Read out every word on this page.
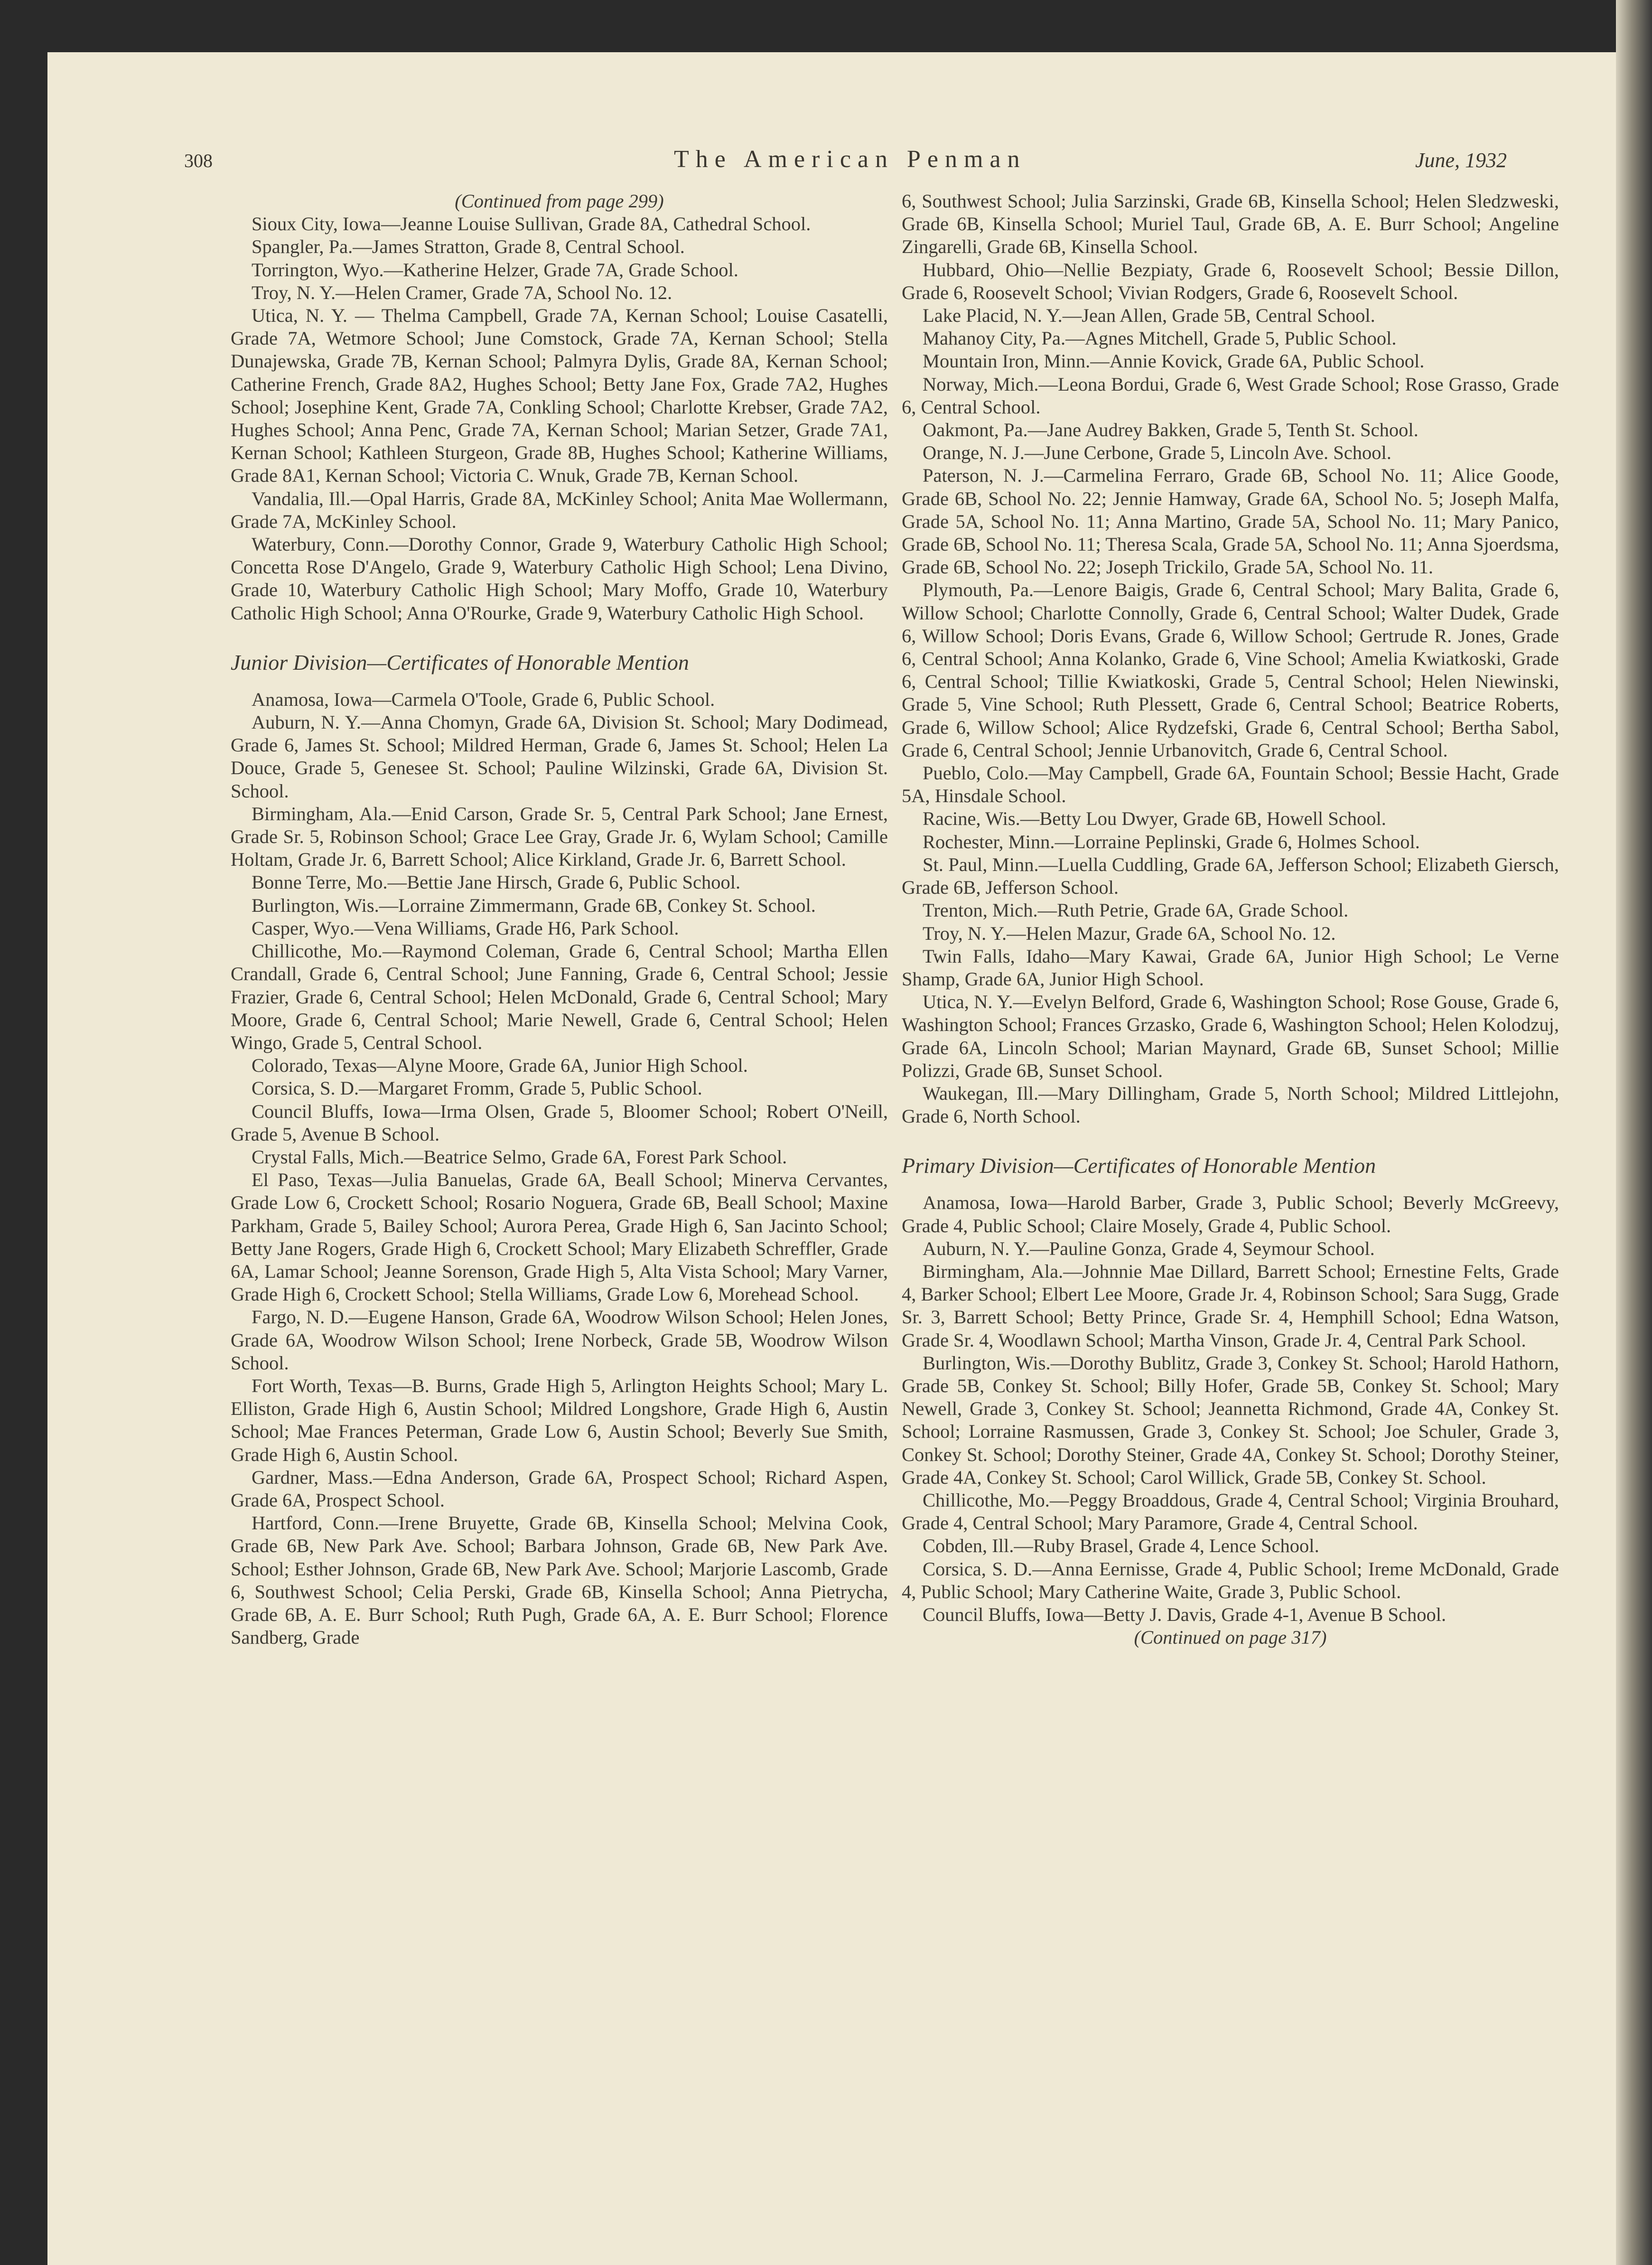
308	The American Penman	June, 1932

(Continued from page 299)

Sioux City, Iowa—Jeanne Louise Sullivan, Grade 8A, Cathedral School.

Spangler, Pa.—James Stratton, Grade 8, Central School.

Torrington, Wyo.—Katherine Helzer, Grade 7A, Grade School.

Troy, N. Y.—Helen Cramer, Grade 7A, School No. 12.

Utica, N. Y. — Thelma Campbell, Grade 7A, Kernan School; Louise Casatelli, Grade 7A, Wetmore School; June Comstock, Grade 7A, Kernan School; Stella Dunajewska, Grade 7B, Kernan School; Palmyra Dylis, Grade 8A, Kernan School; Catherine French, Grade 8A2, Hughes School; Betty Jane Fox, Grade 7A2, Hughes School; Josephine Kent, Grade 7A, Conkling School; Charlotte Krebser, Grade 7A2, Hughes School; Anna Penc, Grade 7A, Kernan School; Marian Setzer, Grade 7A1, Kernan School; Kathleen Sturgeon, Grade 8B, Hughes School; Katherine Williams, Grade 8A1, Kernan School; Victoria C. Wnuk, Grade 7B, Kernan School.

Vandalia, Ill.—Opal Harris, Grade 8A, McKinley School; Anita Mae Wollermann, Grade 7A, McKinley School.

Waterbury, Conn.—Dorothy Connor, Grade 9, Waterbury Catholic High School; Concetta Rose D'Angelo, Grade 9, Waterbury Catholic High School; Lena Divino, Grade 10, Waterbury Catholic High School; Mary Moffo, Grade 10, Waterbury Catholic High School; Anna O'Rourke, Grade 9, Waterbury Catholic High School.

Junior Division—Certificates of Honorable Mention

Anamosa, Iowa—Carmela O'Toole, Grade 6, Public School.

Auburn, N. Y.—Anna Chomyn, Grade 6A, Division St. School; Mary Dodimead, Grade 6, James St. School; Mildred Herman, Grade 6, James St. School; Helen La Douce, Grade 5, Genesee St. School; Pauline Wilzinski, Grade 6A, Division St. School.

Birmingham, Ala.—Enid Carson, Grade Sr. 5, Central Park School; Jane Ernest, Grade Sr. 5, Robinson School; Grace Lee Gray, Grade Jr. 6, Wylam School; Camille Holtam, Grade Jr. 6, Barrett School; Alice Kirkland, Grade Jr. 6, Barrett School.

Bonne Terre, Mo.—Bettie Jane Hirsch, Grade 6, Public School.

Burlington, Wis.—Lorraine Zimmermann, Grade 6B, Conkey St. School.

Casper, Wyo.—Vena Williams, Grade H6, Park School.

Chillicothe, Mo.—Raymond Coleman, Grade 6, Central School; Martha Ellen Crandall, Grade 6, Central School; June Fanning, Grade 6, Central School; Jessie Frazier, Grade 6, Central School; Helen McDonald, Grade 6, Central School; Mary Moore, Grade 6, Central School; Marie Newell, Grade 6, Central School; Helen Wingo, Grade 5, Central School.

Colorado, Texas—Alyne Moore, Grade 6A, Junior High School.

Corsica, S. D.—Margaret Fromm, Grade 5, Public School.

Council Bluffs, Iowa—Irma Olsen, Grade 5, Bloomer School; Robert O'Neill, Grade 5, Avenue B School.

Crystal Falls, Mich.—Beatrice Selmo, Grade 6A, Forest Park School.

El Paso, Texas—Julia Banuelas, Grade 6A, Beall School; Minerva Cervantes, Grade Low 6, Crockett School; Rosario Noguera, Grade 6B, Beall School; Maxine Parkham, Grade 5, Bailey School; Aurora Perea, Grade High 6, San Jacinto School; Betty Jane Rogers, Grade High 6, Crockett School; Mary Elizabeth Schreffler, Grade 6A, Lamar School; Jeanne Sorenson, Grade High 5, Alta Vista School; Mary Varner, Grade High 6, Crockett School; Stella Williams, Grade Low 6, Morehead School.

Fargo, N. D.—Eugene Hanson, Grade 6A, Woodrow Wilson School; Helen Jones, Grade 6A, Woodrow Wilson School; Irene Norbeck, Grade 5B, Woodrow Wilson School.

Fort Worth, Texas—B. Burns, Grade High 5, Arlington Heights School; Mary L. Elliston, Grade High 6, Austin School; Mildred Longshore, Grade High 6, Austin School; Mae Frances Peterman, Grade Low 6, Austin School; Beverly Sue Smith, Grade High 6, Austin School.

Gardner, Mass.—Edna Anderson, Grade 6A, Prospect School; Richard Aspen, Grade 6A, Prospect School.

Hartford, Conn.—Irene Bruyette, Grade 6B, Kinsella School; Melvina Cook, Grade 6B, New Park Ave. School; Barbara Johnson, Grade 6B, New Park Ave. School; Esther Johnson, Grade 6B, New Park Ave. School; Marjorie Lascomb, Grade 6, Southwest School; Celia Perski, Grade 6B, Kinsella School; Anna Pietrycha, Grade 6B, A. E. Burr School; Ruth Pugh, Grade 6A, A. E. Burr School; Florence Sandberg, Grade

6, Southwest School; Julia Sarzinski, Grade 6B, Kinsella School; Helen Sledzweski, Grade 6B, Kinsella School; Muriel Taul, Grade 6B, A. E. Burr School; Angeline Zingarelli, Grade 6B, Kinsella School.

Hubbard, Ohio—Nellie Bezpiaty, Grade 6, Roosevelt School; Bessie Dillon, Grade 6, Roosevelt School; Vivian Rodgers, Grade 6, Roosevelt School.

Lake Placid, N. Y.—Jean Allen, Grade 5B, Central School.

Mahanoy City, Pa.—Agnes Mitchell, Grade 5, Public School.

Mountain Iron, Minn.—Annie Kovick, Grade 6A, Public School.

Norway, Mich.—Leona Bordui, Grade 6, West Grade School; Rose Grasso, Grade 6, Central School.

Oakmont, Pa.—Jane Audrey Bakken, Grade 5, Tenth St. School.

Orange, N. J.—June Cerbone, Grade 5, Lincoln Ave. School.

Paterson, N. J.—Carmelina Ferraro, Grade 6B, School No. 11; Alice Goode, Grade 6B, School No. 22; Jennie Hamway, Grade 6A, School No. 5; Joseph Malfa, Grade 5A, School No. 11; Anna Martino, Grade 5A, School No. 11; Mary Panico, Grade 6B, School No. 11; Theresa Scala, Grade 5A, School No. 11; Anna Sjoerdsma, Grade 6B, School No. 22; Joseph Trickilo, Grade 5A, School No. 11.

Plymouth, Pa.—Lenore Baigis, Grade 6, Central School; Mary Balita, Grade 6, Willow School; Charlotte Connolly, Grade 6, Central School; Walter Dudek, Grade 6, Willow School; Doris Evans, Grade 6, Willow School; Gertrude R. Jones, Grade 6, Central School; Anna Kolanko, Grade 6, Vine School; Amelia Kwiatkoski, Grade 6, Central School; Tillie Kwiatkoski, Grade 5, Central School; Helen Niewinski, Grade 5, Vine School; Ruth Plessett, Grade 6, Central School; Beatrice Roberts, Grade 6, Willow School; Alice Rydzefski, Grade 6, Central School; Bertha Sabol, Grade 6, Central School; Jennie Urbanovitch, Grade 6, Central School.

Pueblo, Colo.—May Campbell, Grade 6A, Fountain School; Bessie Hacht, Grade 5A, Hinsdale School.

Racine, Wis.—Betty Lou Dwyer, Grade 6B, Howell School.

Rochester, Minn.—Lorraine Peplinski, Grade 6, Holmes School.

St. Paul, Minn.—Luella Cuddling, Grade 6A, Jefferson School; Elizabeth Giersch, Grade 6B, Jefferson School.

Trenton, Mich.—Ruth Petrie, Grade 6A, Grade School.

Troy, N. Y.—Helen Mazur, Grade 6A, School No. 12.

Twin Falls, Idaho—Mary Kawai, Grade 6A, Junior High School; Le Verne Shamp, Grade 6A, Junior High School.

Utica, N. Y.—Evelyn Belford, Grade 6, Washington School; Rose Gouse, Grade 6, Washington School; Frances Grzasko, Grade 6, Washington School; Helen Kolodzuj, Grade 6A, Lincoln School; Marian Maynard, Grade 6B, Sunset School; Millie Polizzi, Grade 6B, Sunset School.

Waukegan, Ill.—Mary Dillingham, Grade 5, North School; Mildred Littlejohn, Grade 6, North School.

Primary Division—Certificates of Honorable Mention

Anamosa, Iowa—Harold Barber, Grade 3, Public School; Beverly McGreevy, Grade 4, Public School; Claire Mosely, Grade 4, Public School.

Auburn, N. Y.—Pauline Gonza, Grade 4, Seymour School.

Birmingham, Ala.—Johnnie Mae Dillard, Barrett School; Ernestine Felts, Grade 4, Barker School; Elbert Lee Moore, Grade Jr. 4, Robinson School; Sara Sugg, Grade Sr. 3, Barrett School; Betty Prince, Grade Sr. 4, Hemphill School; Edna Watson, Grade Sr. 4, Woodlawn School; Martha Vinson, Grade Jr. 4, Central Park School.

Burlington, Wis.—Dorothy Bublitz, Grade 3, Conkey St. School; Harold Hathorn, Grade 5B, Conkey St. School; Billy Hofer, Grade 5B, Conkey St. School; Mary Newell, Grade 3, Conkey St. School; Jeannetta Richmond, Grade 4A, Conkey St. School; Lorraine Rasmussen, Grade 3, Conkey St. School; Joe Schuler, Grade 3, Conkey St. School; Dorothy Steiner, Grade 4A, Conkey St. School; Dorothy Steiner, Grade 4A, Conkey St. School; Carol Willick, Grade 5B, Conkey St. School.

Chillicothe, Mo.—Peggy Broaddous, Grade 4, Central School; Virginia Brouhard, Grade 4, Central School; Mary Paramore, Grade 4, Central School.

Cobden, Ill.—Ruby Brasel, Grade 4, Lence School.

Corsica, S. D.—Anna Eernisse, Grade 4, Public School; Ireme McDonald, Grade 4, Public School; Mary Catherine Waite, Grade 3, Public School.

Council Bluffs, Iowa—Betty J. Davis, Grade 4-1, Avenue B School.

(Continued on page 317)
